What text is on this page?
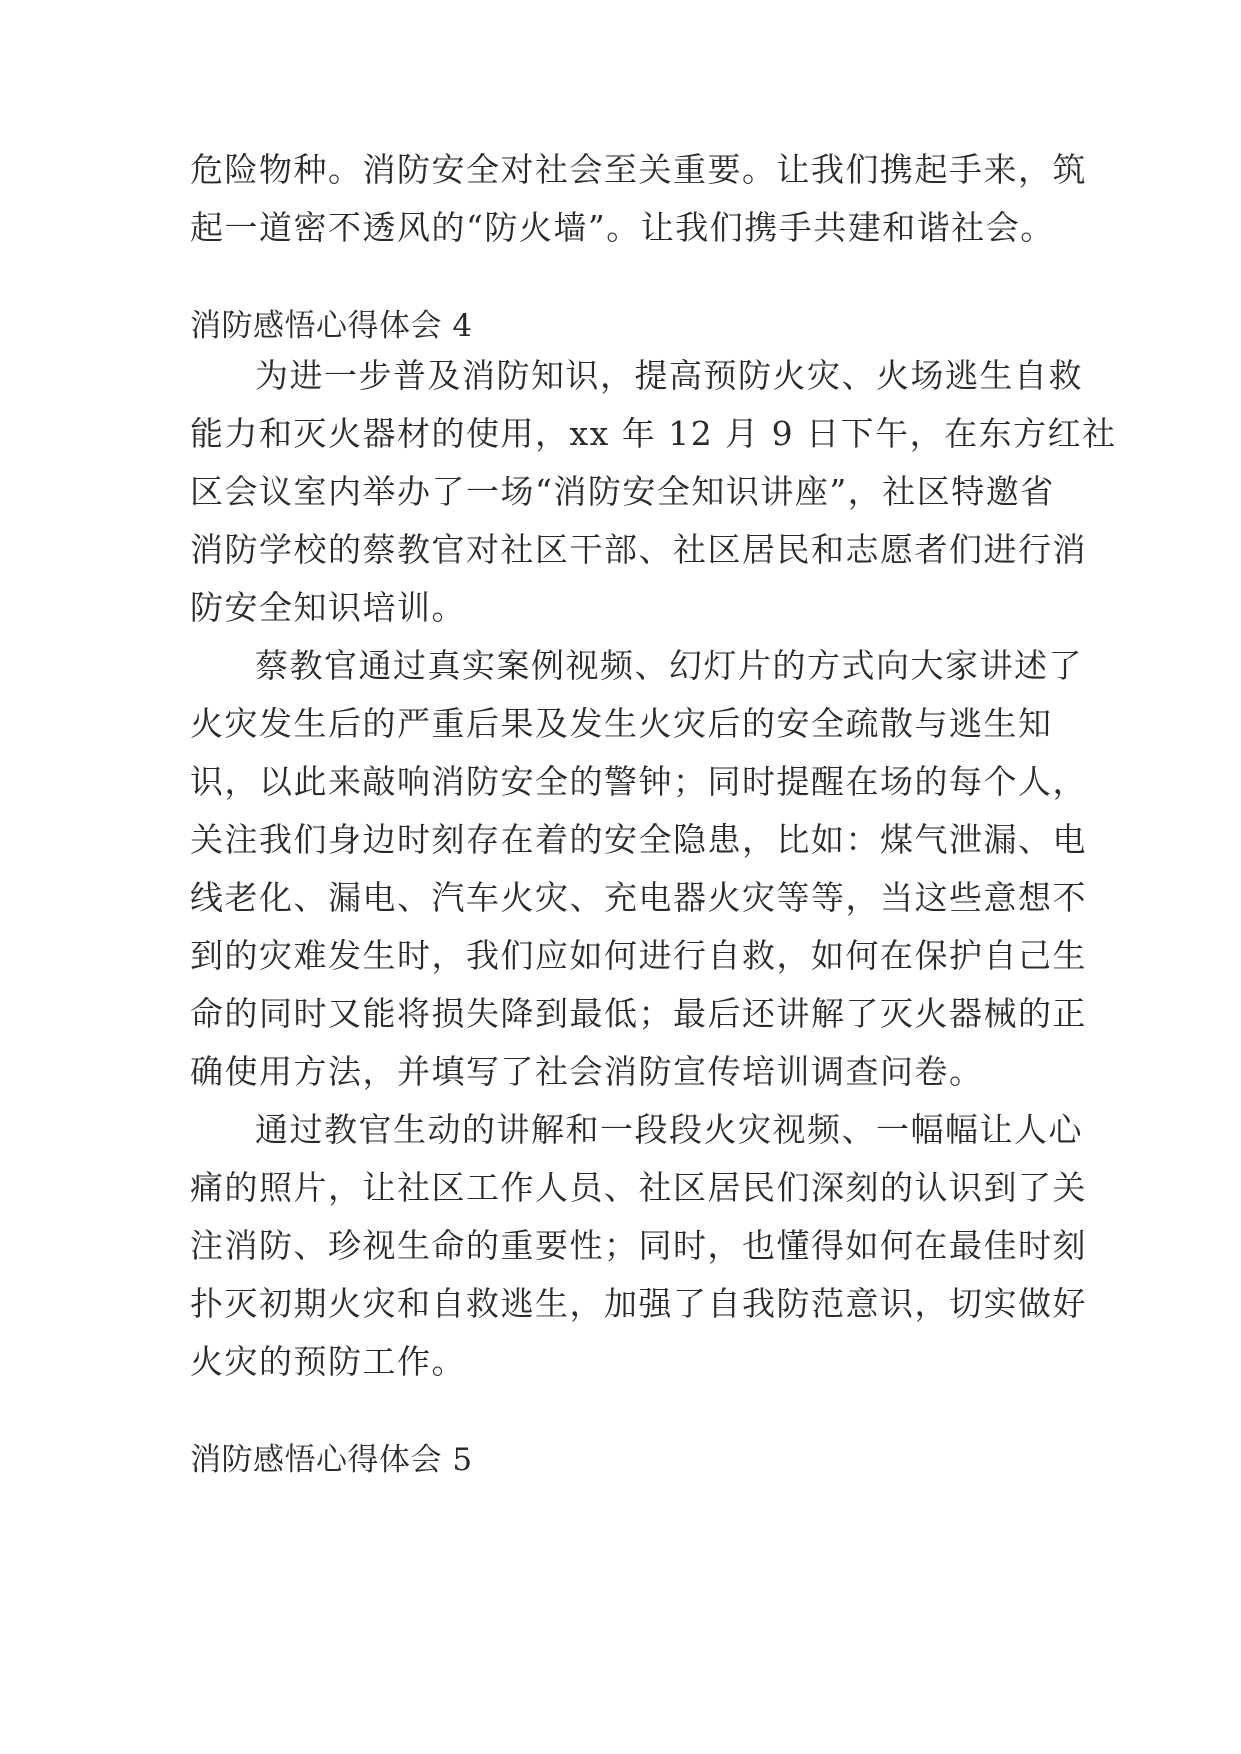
危险物种。消防安全对社会至关重要。让我们携起手来，筑
起一道密不透风的“防火墙”。让我们携手共建和谐社会。
消防感悟心得体会 4
为进一步普及消防知识，提高预防火灾、火场逃生自救
能力和灭火器材的使用，xx 年 12 月 9 日下午，在东方红社
区会议室内举办了一场“消防安全知识讲座”，社区特邀省
消防学校的蔡教官对社区干部、社区居民和志愿者们进行消
防安全知识培训。
蔡教官通过真实案例视频、幻灯片的方式向大家讲述了
火灾发生后的严重后果及发生火灾后的安全疏散与逃生知
识，以此来敲响消防安全的警钟；同时提醒在场的每个人，
关注我们身边时刻存在着的安全隐患，比如：煤气泄漏、电
线老化、漏电、汽车火灾、充电器火灾等等，当这些意想不
到的灾难发生时，我们应如何进行自救，如何在保护自己生
命的同时又能将损失降到最低；最后还讲解了灭火器械的正
确使用方法，并填写了社会消防宣传培训调查问卷。
通过教官生动的讲解和一段段火灾视频、一幅幅让人心
痛的照片，让社区工作人员、社区居民们深刻的认识到了关
注消防、珍视生命的重要性；同时，也懂得如何在最佳时刻
扑灭初期火灾和自救逃生，加强了自我防范意识，切实做好
火灾的预防工作。
消防感悟心得体会 5
